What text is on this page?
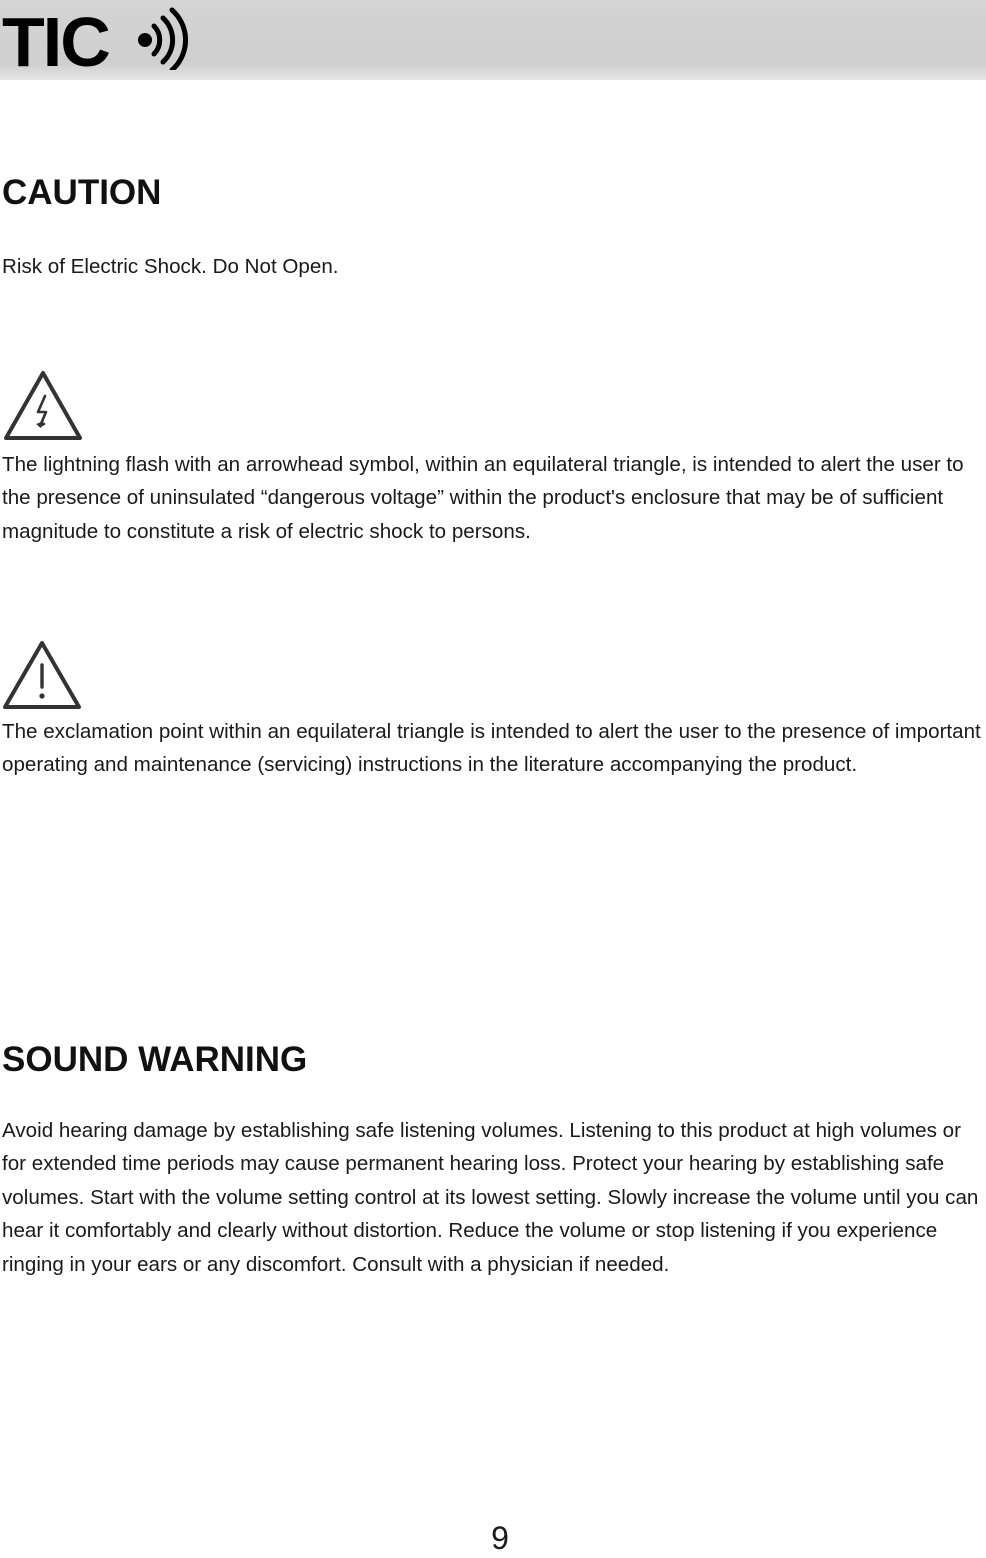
TIC
CAUTION

Risk of Electric Shock. Do Not Open.

The lightning flash with an arrowhead symbol, within an equilateral triangle, is intended to alert the user to the presence of uninsulated “dangerous voltage” within the product's enclosure that may be of sufficient magnitude to constitute a risk of electric shock to persons.

The exclamation point within an equilateral triangle is intended to alert the user to the presence of important operating and maintenance (servicing) instructions in the literature accompanying the product.

SOUND WARNING

Avoid hearing damage by establishing safe listening volumes. Listening to this product at high volumes or for extended time periods may cause permanent hearing loss. Protect your hearing by establishing safe volumes. Start with the volume setting control at its lowest setting. Slowly increase the volume until you can hear it comfortably and clearly without distortion. Reduce the volume or stop listening if you experience ringing in your ears or any discomfort. Consult with a physician if needed.

9
